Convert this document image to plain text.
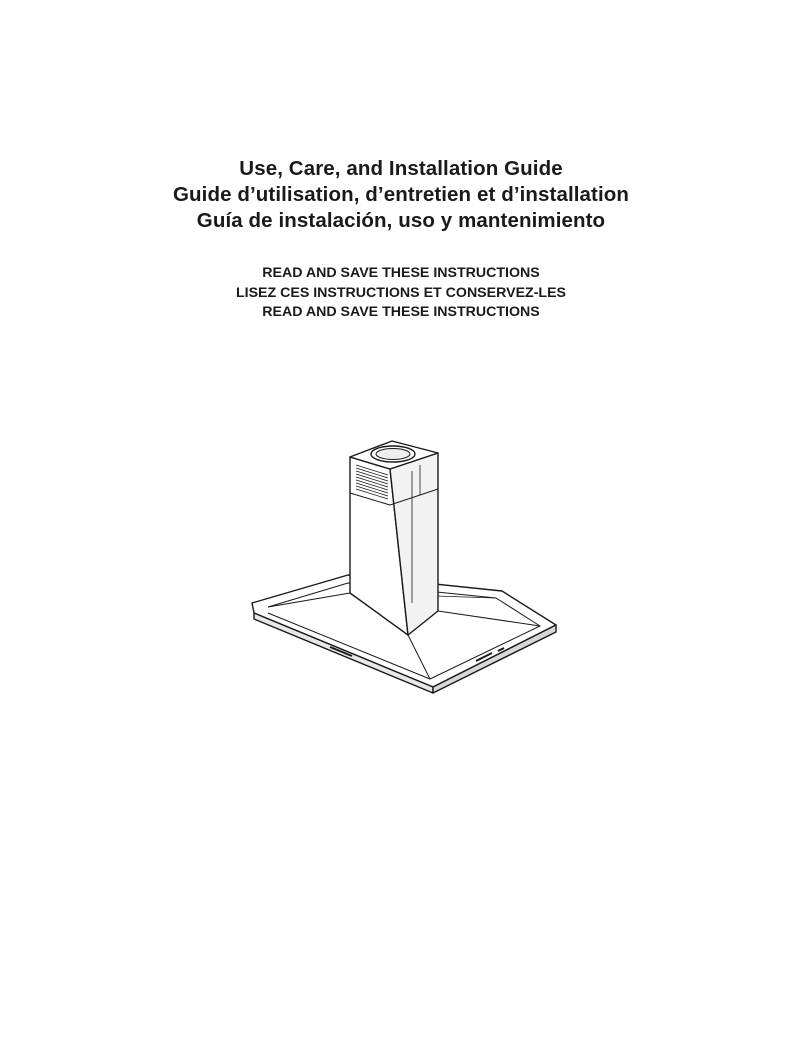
Use, Care, and Installation Guide
Guide d’utilisation, d’entretien et d’installation
Guía de instalación, uso y mantenimiento
READ AND SAVE THESE INSTRUCTIONS
LISEZ CES INSTRUCTIONS ET CONSERVEZ-LES
READ AND SAVE THESE INSTRUCTIONS
